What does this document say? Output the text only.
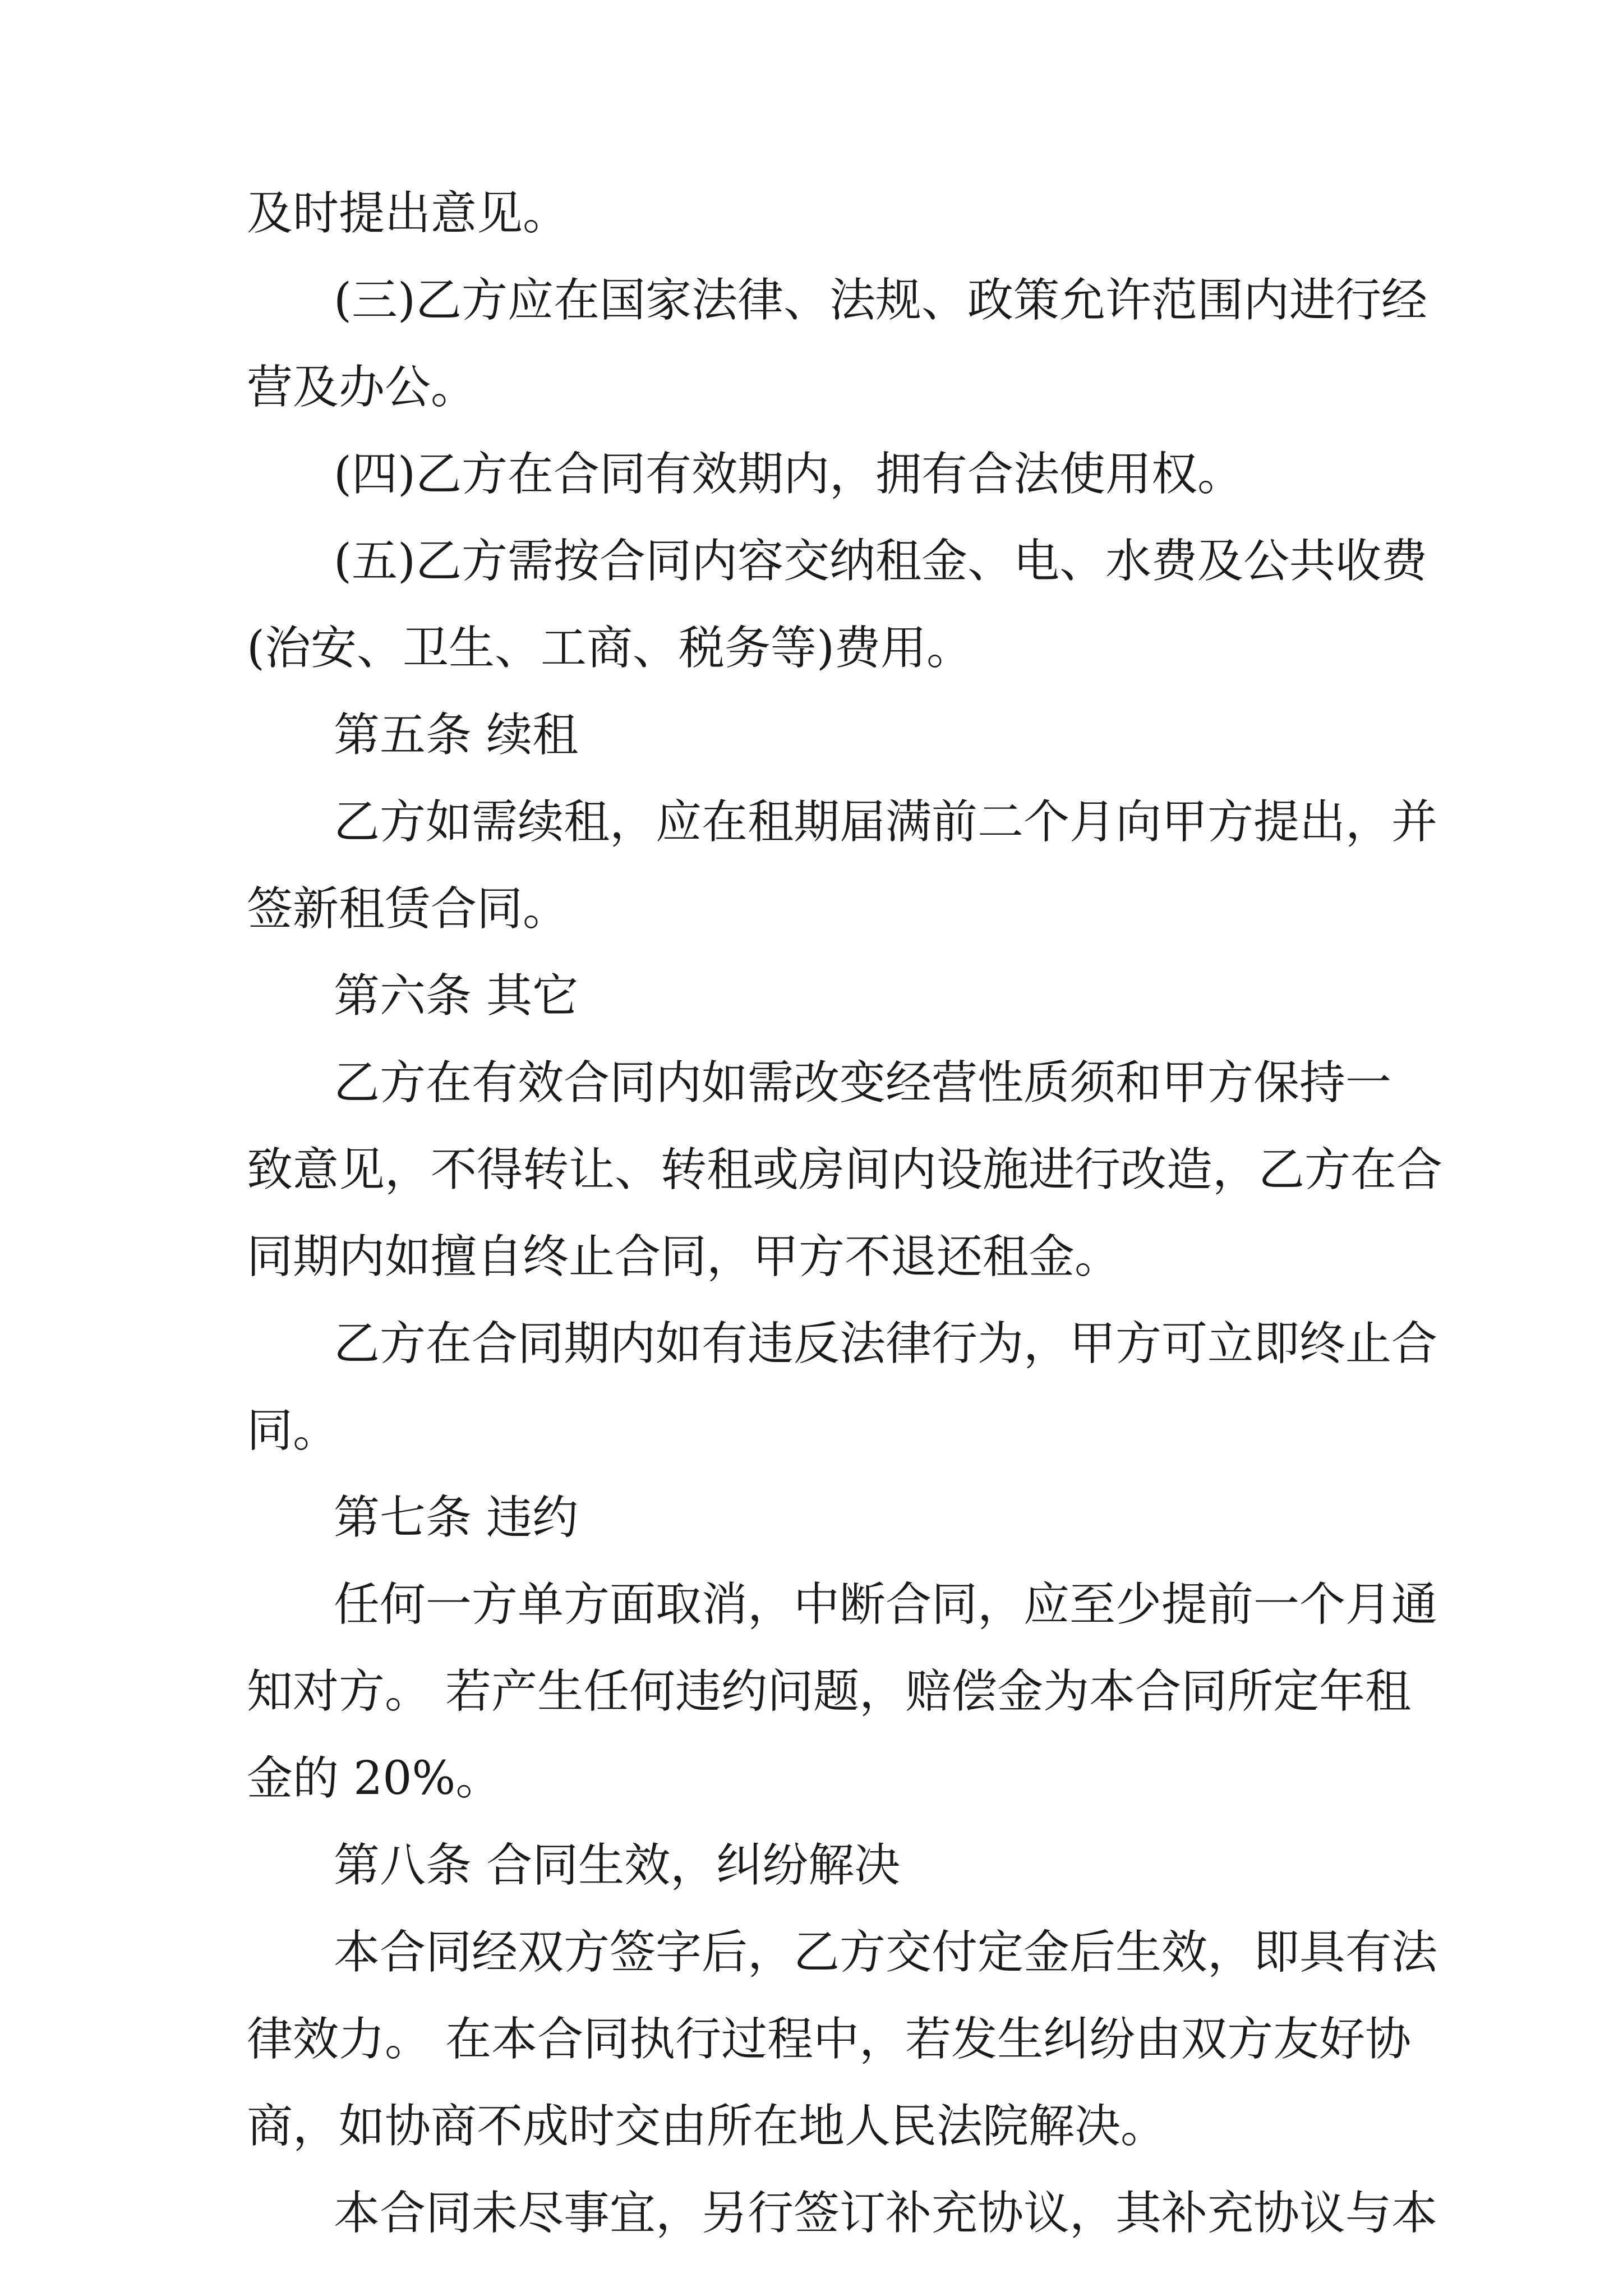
及时提出意见。
(三)乙方应在国家法律、法规、政策允许范围内进行经
营及办公。
(四)乙方在合同有效期内，拥有合法使用权。
(五)乙方需按合同内容交纳租金、电、水费及公共收费
(治安、卫生、工商、税务等)费用。
第五条 续租
乙方如需续租，应在租期届满前二个月向甲方提出，并
签新租赁合同。
第六条 其它
乙方在有效合同内如需改变经营性质须和甲方保持一
致意见，不得转让、转租或房间内设施进行改造，乙方在合
同期内如擅自终止合同，甲方不退还租金。
乙方在合同期内如有违反法律行为，甲方可立即终止合
同。
第七条 违约
任何一方单方面取消，中断合同，应至少提前一个月通
知对方。 若产生任何违约问题，赔偿金为本合同所定年租
金的 20%。
第八条 合同生效，纠纷解决
本合同经双方签字后，乙方交付定金后生效，即具有法
律效力。 在本合同执行过程中，若发生纠纷由双方友好协
商，如协商不成时交由所在地人民法院解决。
本合同未尽事宜，另行签订补充协议，其补充协议与本
